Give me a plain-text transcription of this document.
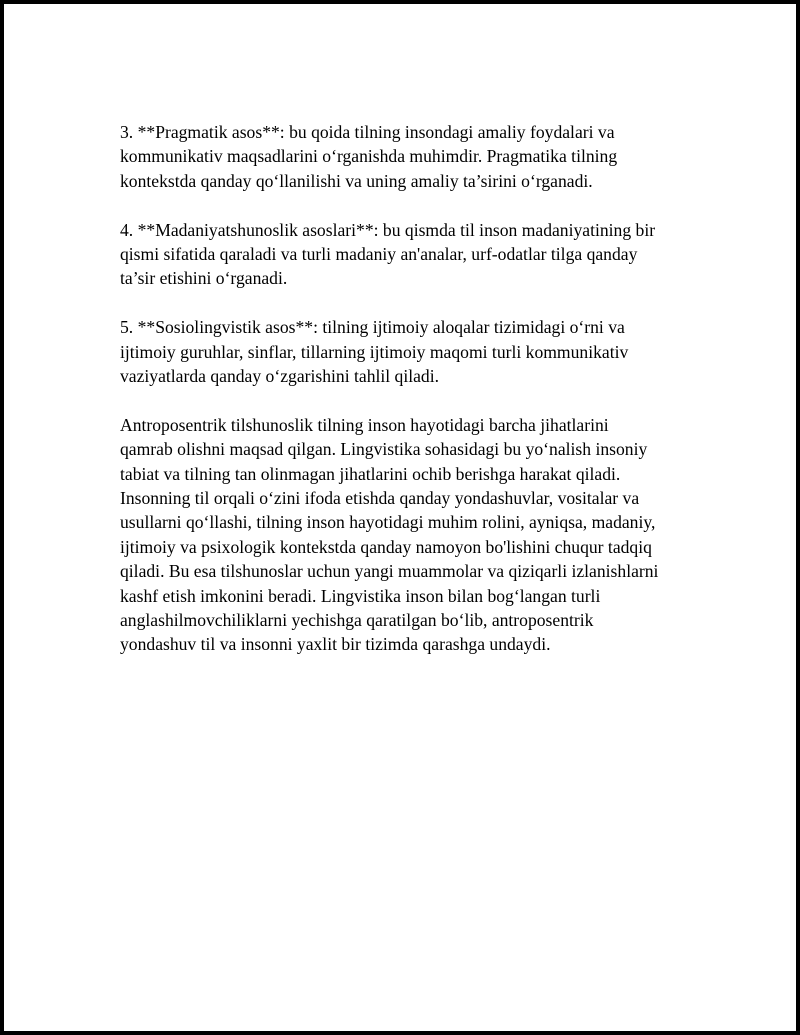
3. **Pragmatik asos**: bu qoida tilning insondagi amaliy foydalari va
kommunikativ maqsadlarini o‘rganishda muhimdir. Pragmatika tilning
kontekstda qanday qo‘llanilishi va uning amaliy ta’sirini o‘rganadi.

4. **Madaniyatshunoslik asoslari**: bu qismda til inson madaniyatining bir
qismi sifatida qaraladi va turli madaniy an'analar, urf-odatlar tilga qanday
ta’sir etishini o‘rganadi.

5. **Sosiolingvistik asos**: tilning ijtimoiy aloqalar tizimidagi o‘rni va
ijtimoiy guruhlar, sinflar, tillarning ijtimoiy maqomi turli kommunikativ
vaziyatlarda qanday o‘zgarishini tahlil qiladi.

Antroposentrik tilshunoslik tilning inson hayotidagi barcha jihatlarini
qamrab olishni maqsad qilgan. Lingvistika sohasidagi bu yo‘nalish insoniy
tabiat va tilning tan olinmagan jihatlarini ochib berishga harakat qiladi.
Insonning til orqali o‘zini ifoda etishda qanday yondashuvlar, vositalar va
usullarni qo‘llashi, tilning inson hayotidagi muhim rolini, ayniqsa, madaniy,
ijtimoiy va psixologik kontekstda qanday namoyon bo'lishini chuqur tadqiq
qiladi. Bu esa tilshunoslar uchun yangi muammolar va qiziqarli izlanishlarni
kashf etish imkonini beradi. Lingvistika inson bilan bog‘langan turli
anglashilmovchiliklarni yechishga qaratilgan bo‘lib, antroposentrik
yondashuv til va insonni yaxlit bir tizimda qarashga undaydi.
